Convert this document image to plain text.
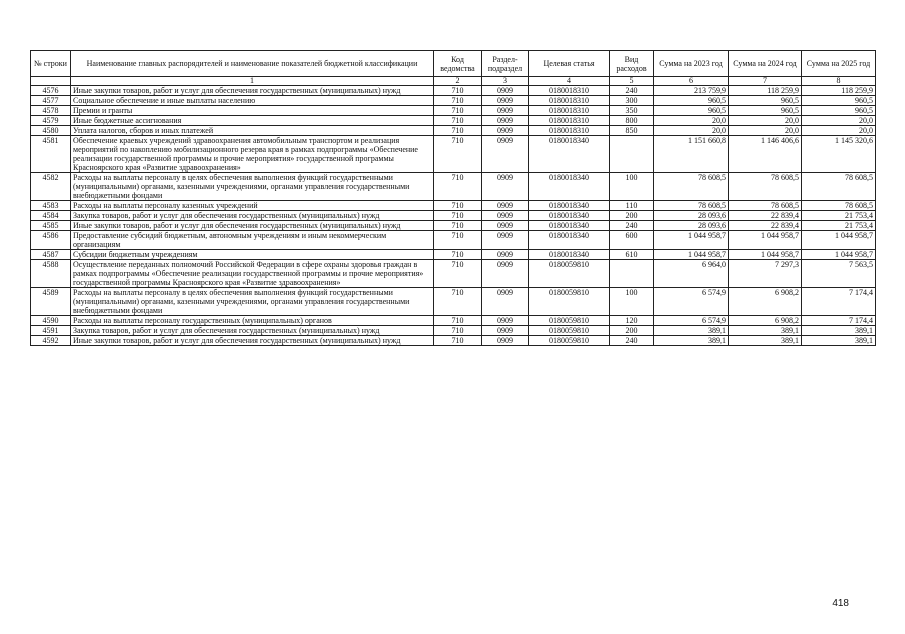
№ строки	Наименование главных распорядителей и наименование показателей бюджетной классификации	Код ведомства	Раздел-подраздел	Целевая статья	Вид расходов	Сумма на 2023 год	Сумма на 2024 год	Сумма на 2025 год
	1	2	3	4	5	6	7	8
4576	Иные закупки товаров, работ и услуг для обеспечения государственных (муниципальных) нужд	710	0909	0180018310	240	213 759,9	118 259,9	118 259,9
4577	Социальное обеспечение и иные выплаты населению	710	0909	0180018310	300	960,5	960,5	960,5
4578	Премии и гранты	710	0909	0180018310	350	960,5	960,5	960,5
4579	Иные бюджетные ассигнования	710	0909	0180018310	800	20,0	20,0	20,0
4580	Уплата налогов, сборов и иных платежей	710	0909	0180018310	850	20,0	20,0	20,0
4581	Обеспечение краевых учреждений здравоохранения автомобильным транспортом и реализация мероприятий по накоплению мобилизационного резерва края в рамках подпрограммы «Обеспечение реализации государственной программы и прочие мероприятия» государственной программы Красноярского края «Развитие здравоохранения»	710	0909	0180018340		1 151 660,8	1 146 406,6	1 145 320,6
4582	Расходы на выплаты персоналу в целях обеспечения выполнения функций государственными (муниципальными) органами, казенными учреждениями, органами управления государственными внебюджетными фондами	710	0909	0180018340	100	78 608,5	78 608,5	78 608,5
4583	Расходы на выплаты персоналу казенных учреждений	710	0909	0180018340	110	78 608,5	78 608,5	78 608,5
4584	Закупка товаров, работ и услуг для обеспечения государственных (муниципальных) нужд	710	0909	0180018340	200	28 093,6	22 839,4	21 753,4
4585	Иные закупки товаров, работ и услуг для обеспечения государственных (муниципальных) нужд	710	0909	0180018340	240	28 093,6	22 839,4	21 753,4
4586	Предоставление субсидий бюджетным, автономным учреждениям и иным некоммерческим организациям	710	0909	0180018340	600	1 044 958,7	1 044 958,7	1 044 958,7
4587	Субсидии бюджетным учреждениям	710	0909	0180018340	610	1 044 958,7	1 044 958,7	1 044 958,7
4588	Осуществление переданных полномочий Российской Федерации в сфере охраны здоровья граждан в рамках подпрограммы «Обеспечение реализации государственной программы и прочие мероприятия» государственной программы Красноярского края «Развитие здравоохранения»	710	0909	0180059810		6 964,0	7 297,3	7 563,5
4589	Расходы на выплаты персоналу в целях обеспечения выполнения функций государственными (муниципальными) органами, казенными учреждениями, органами управления государственными внебюджетными фондами	710	0909	0180059810	100	6 574,9	6 908,2	7 174,4
4590	Расходы на выплаты персоналу государственных (муниципальных) органов	710	0909	0180059810	120	6 574,9	6 908,2	7 174,4
4591	Закупка товаров, работ и услуг для обеспечения государственных (муниципальных) нужд	710	0909	0180059810	200	389,1	389,1	389,1
4592	Иные закупки товаров, работ и услуг для обеспечения государственных (муниципальных) нужд	710	0909	0180059810	240	389,1	389,1	389,1
418
